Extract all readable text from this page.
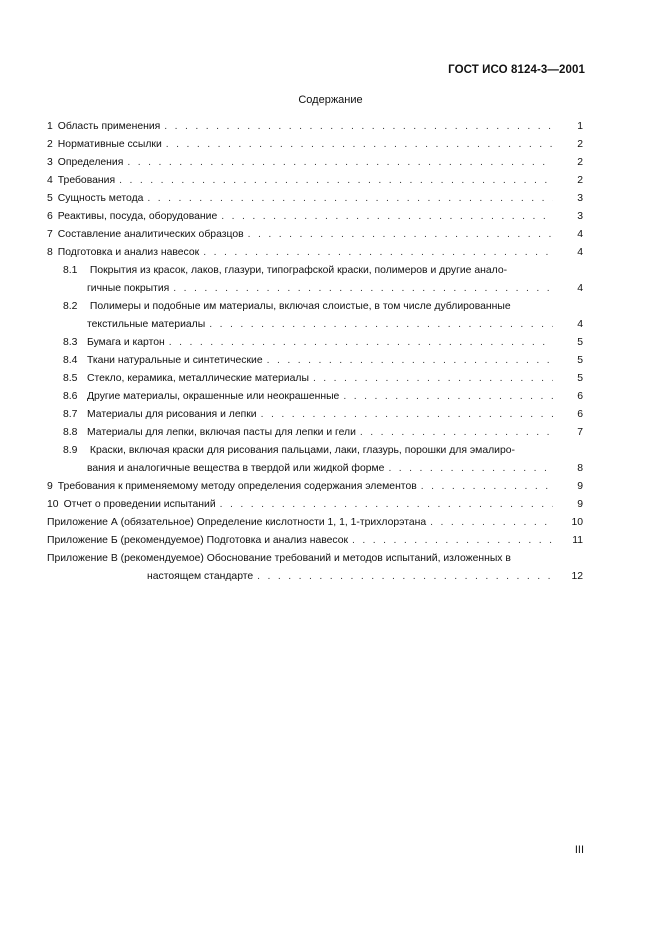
ГОСТ ИСО 8124-3—2001
Содержание
1 Область применения . . .	1
2 Нормативные ссылки . . .	2
3 Определения . . .	2
4 Требования . . .	2
5 Сущность метода . . .	3
6 Реактивы, посуда, оборудование . . .	3
7 Составление аналитических образцов . . .	4
8 Подготовка и анализ навесок . . .	4
8.1 Покрытия из красок, лаков, глазури, типографской краски, полимеров и другие анало-
гичные покрытия . . .	4
8.2 Полимеры и подобные им материалы, включая слоистые, в том числе дублированные
текстильные материалы . . .	4
8.3 Бумага и картон . . .	5
8.4 Ткани натуральные и синтетические . . .	5
8.5 Стекло, керамика, металлические материалы . . .	5
8.6 Другие материалы, окрашенные или неокрашенные . . .	6
8.7 Материалы для рисования и лепки . . .	6
8.8 Материалы для лепки, включая пасты для лепки и гели . . .	7
8.9 Краски, включая краски для рисования пальцами, лаки, глазурь, порошки для эмалиро-
вания и аналогичные вещества в твердой или жидкой форме . . .	8
9 Требования к применяемому методу определения содержания элементов . . .	9
10 Отчет о проведении испытаний . . .	9
Приложение А (обязательное) Определение кислотности 1, 1, 1-трихлорэтана . . .	10
Приложение Б (рекомендуемое) Подготовка и анализ навесок . . .	11
Приложение В (рекомендуемое) Обоснование требований и методов испытаний, изложенных в
настоящем стандарте . . .	12
III
